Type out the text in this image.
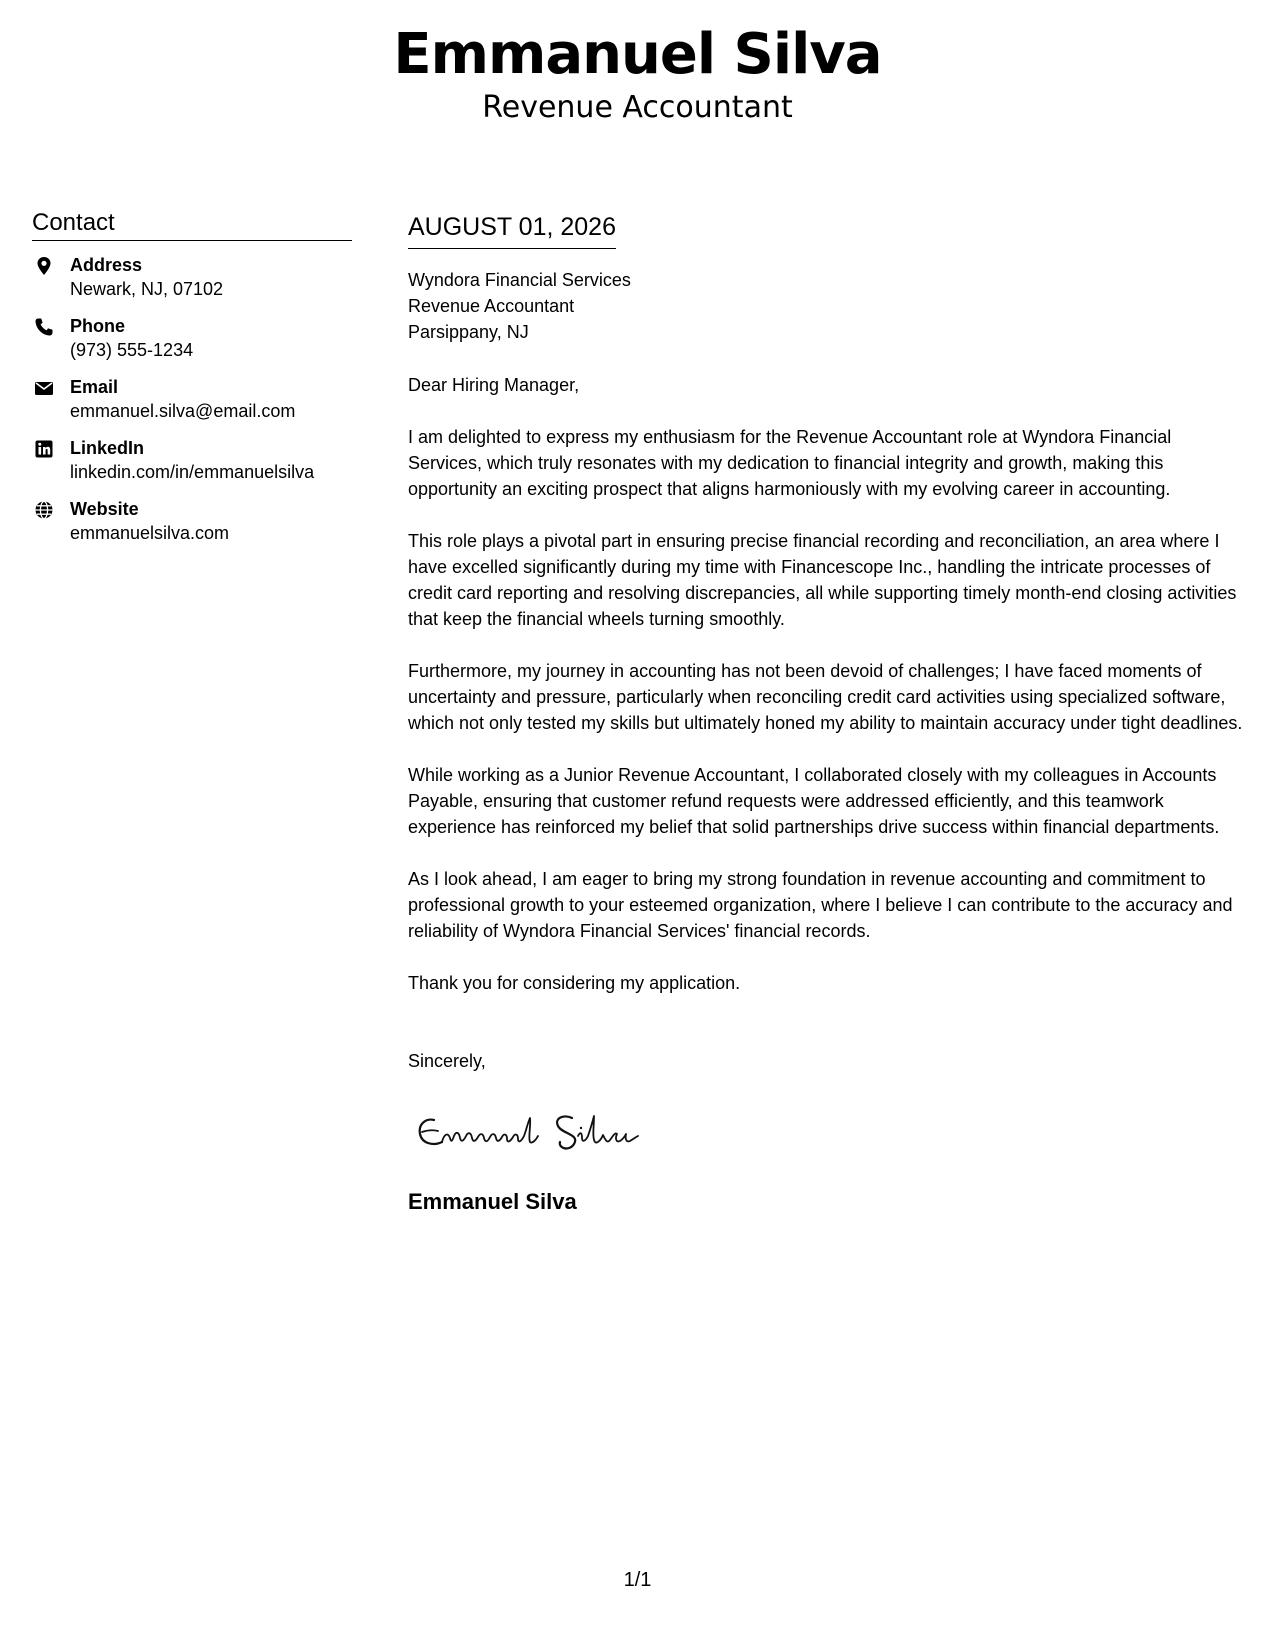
Emmanuel Silva
Revenue Accountant
Contact
Address
Newark, NJ, 07102
Phone
(973) 555-1234
Email
emmanuel.silva@email.com
LinkedIn
linkedin.com/in/emmanuelsilva
Website
emmanuelsilva.com
AUGUST 01, 2026
Wyndora Financial Services
Revenue Accountant
Parsippany, NJ
Dear Hiring Manager,

I am delighted to express my enthusiasm for the Revenue Accountant role at Wyndora Financial Services, which truly resonates with my dedication to financial integrity and growth, making this opportunity an exciting prospect that aligns harmoniously with my evolving career in accounting.

This role plays a pivotal part in ensuring precise financial recording and reconciliation, an area where I have excelled significantly during my time with Financescope Inc., handling the intricate processes of credit card reporting and resolving discrepancies, all while supporting timely month-end closing activities that keep the financial wheels turning smoothly.

Furthermore, my journey in accounting has not been devoid of challenges; I have faced moments of uncertainty and pressure, particularly when reconciling credit card activities using specialized software, which not only tested my skills but ultimately honed my ability to maintain accuracy under tight deadlines.

While working as a Junior Revenue Accountant, I collaborated closely with my colleagues in Accounts Payable, ensuring that customer refund requests were addressed efficiently, and this teamwork experience has reinforced my belief that solid partnerships drive success within financial departments.

As I look ahead, I am eager to bring my strong foundation in revenue accounting and commitment to professional growth to your esteemed organization, where I believe I can contribute to the accuracy and reliability of Wyndora Financial Services' financial records.

Thank you for considering my application.
Sincerely,
Emmanuel Silva
1/1
